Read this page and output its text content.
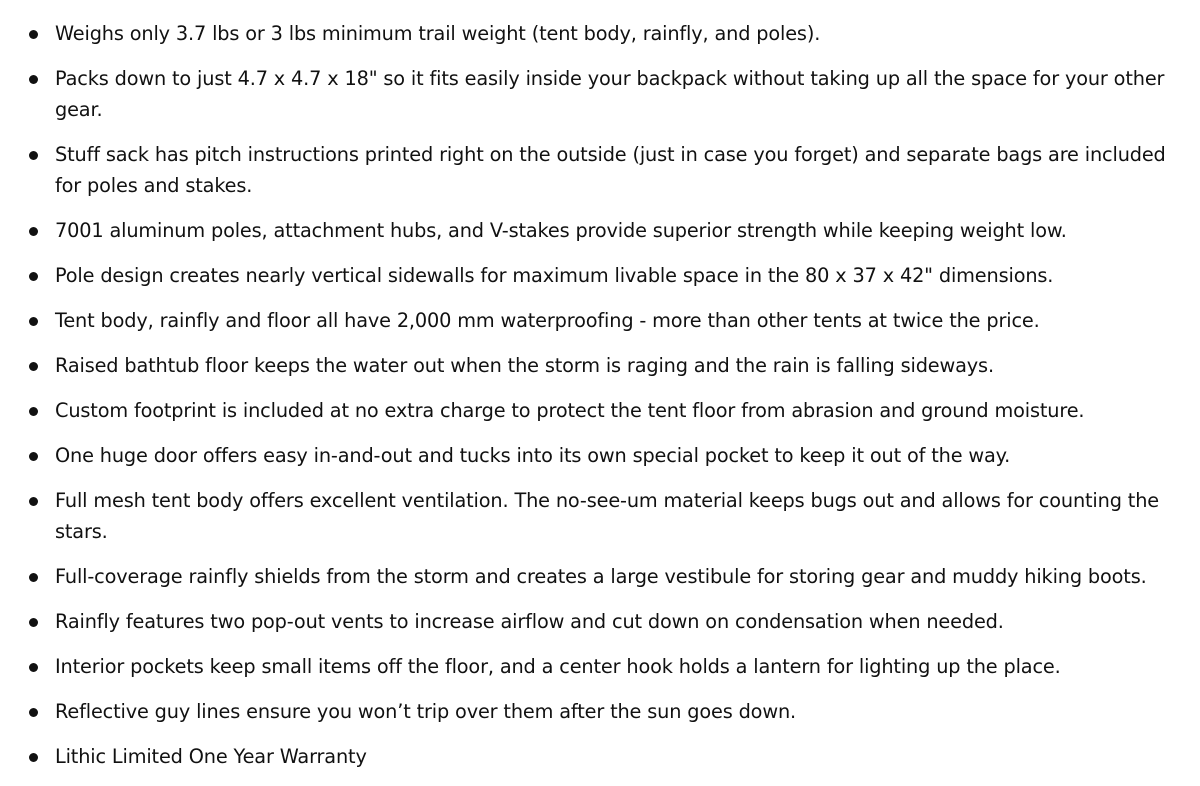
Weighs only 3.7 lbs or 3 lbs minimum trail weight (tent body, rainfly, and poles).
Packs down to just 4.7 x 4.7 x 18" so it fits easily inside your backpack without taking up all the space for your other gear.
Stuff sack has pitch instructions printed right on the outside (just in case you forget) and separate bags are included for poles and stakes.
7001 aluminum poles, attachment hubs, and V-stakes provide superior strength while keeping weight low.
Pole design creates nearly vertical sidewalls for maximum livable space in the 80 x 37 x 42" dimensions.
Tent body, rainfly and floor all have 2,000 mm waterproofing - more than other tents at twice the price.
Raised bathtub floor keeps the water out when the storm is raging and the rain is falling sideways.
Custom footprint is included at no extra charge to protect the tent floor from abrasion and ground moisture.
One huge door offers easy in-and-out and tucks into its own special pocket to keep it out of the way.
Full mesh tent body offers excellent ventilation. The no-see-um material keeps bugs out and allows for counting the stars.
Full-coverage rainfly shields from the storm and creates a large vestibule for storing gear and muddy hiking boots.
Rainfly features two pop-out vents to increase airflow and cut down on condensation when needed.
Interior pockets keep small items off the floor, and a center hook holds a lantern for lighting up the place.
Reflective guy lines ensure you won’t trip over them after the sun goes down.
Lithic Limited One Year Warranty
